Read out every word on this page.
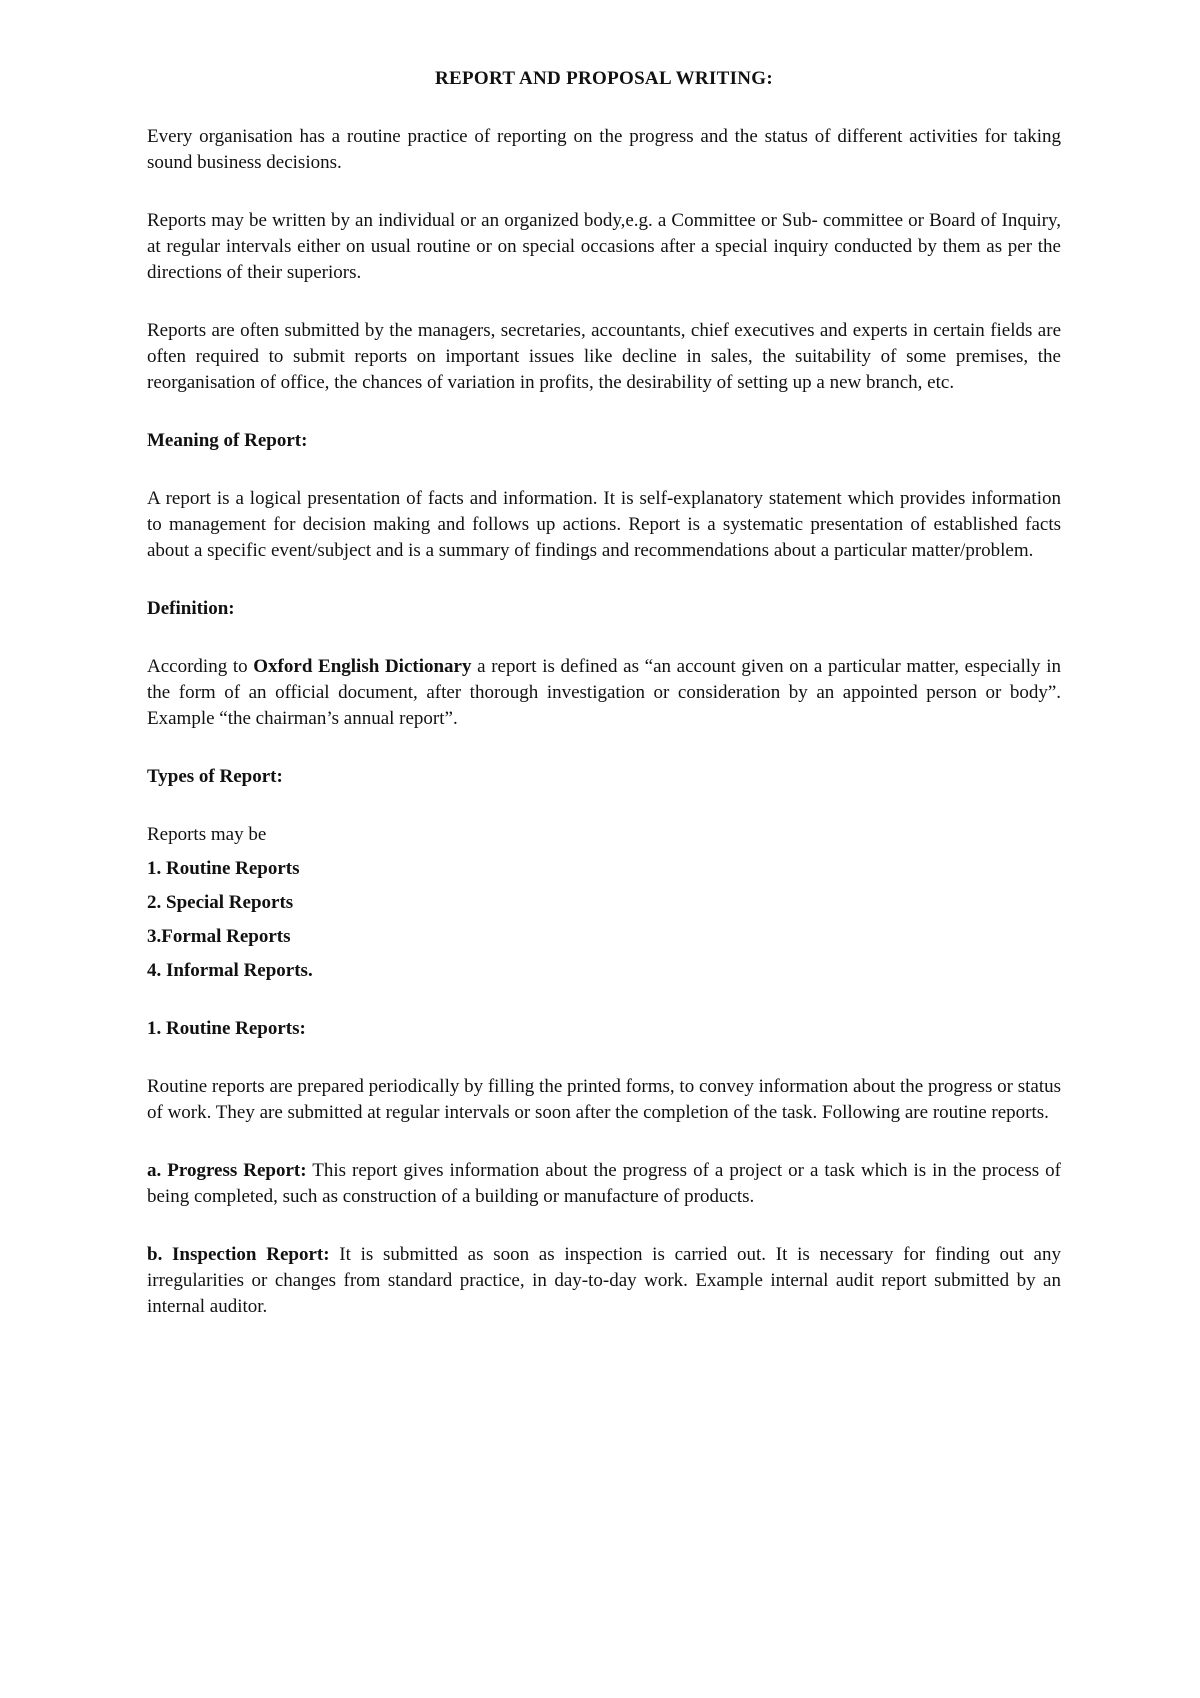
REPORT AND PROPOSAL WRITING:

Every organisation has a routine practice of reporting on the progress and the status of different activities for taking sound business decisions.

Reports may be written by an individual or an organized body,e.g. a Committee or Sub- committee or Board of Inquiry, at regular intervals either on usual routine or on special occasions after a special inquiry conducted by them as per the directions of their superiors.

Reports are often submitted by the managers, secretaries, accountants, chief executives and experts in certain fields are often required to submit reports on important issues like decline in sales, the suitability of some premises, the reorganisation of office, the chances of variation in profits, the desirability of setting up a new branch, etc.

Meaning of Report:

A report is a logical presentation of facts and information. It is self-explanatory statement which provides information to management for decision making and follows up actions. Report is a systematic presentation of established facts about a specific event/subject and is a summary of findings and recommendations about a particular matter/problem.

Definition:

According to Oxford English Dictionary a report is defined as “an account given on a particular matter, especially in the form of an official document, after thorough investigation or consideration by an appointed person or body”. Example “the chairman’s annual report”.

Types of Report:

Reports may be

1. Routine Reports
2. Special Reports
3.Formal Reports
4. Informal Reports.
1. Routine Reports:

Routine reports are prepared periodically by filling the printed forms, to convey information about the progress or status of work. They are submitted at regular intervals or soon after the completion of the task. Following are routine reports.

a. Progress Report: This report gives information about the progress of a project or a task which is in the process of being completed, such as construction of a building or manufacture of products.

b. Inspection Report: It is submitted as soon as inspection is carried out. It is necessary for finding out any irregularities or changes from standard practice, in day-to-day work. Example internal audit report submitted by an internal auditor.
